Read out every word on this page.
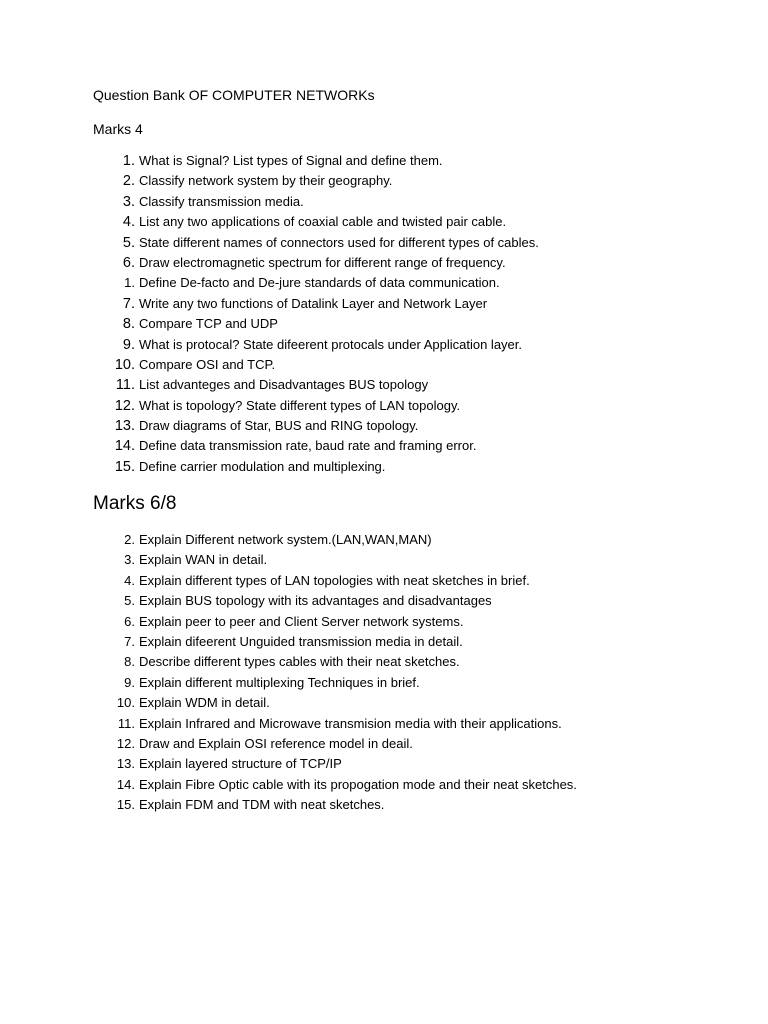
Question Bank OF COMPUTER NETWORKs
Marks 4
1. What is Signal? List types of Signal and define them.
2. Classify network system by their geography.
3. Classify transmission media.
4. List any two applications of coaxial cable and twisted pair cable.
5. State different names of connectors used for different types of cables.
6. Draw electromagnetic spectrum for different range of frequency.
1. Define De-facto and De-jure standards of data communication.
7. Write any two functions of Datalink Layer and Network Layer
8. Compare TCP and UDP
9. What is protocal? State difeerent protocals under Application layer.
10. Compare OSI and TCP.
11. List advanteges and Disadvantages BUS topology
12. What is topology? State different types of LAN topology.
13. Draw diagrams of Star, BUS and RING topology.
14. Define data transmission rate, baud rate and framing error.
15. Define carrier modulation and multiplexing.
Marks 6/8
2. Explain Different network system.(LAN,WAN,MAN)
3. Explain WAN in detail.
4. Explain different types of LAN topologies with neat sketches in brief.
5. Explain BUS topology with its advantages and disadvantages
6. Explain peer to peer and Client Server network systems.
7. Explain difeerent Unguided transmission media in detail.
8. Describe different types cables with their neat sketches.
9. Explain different multiplexing Techniques in brief.
10. Explain WDM in detail.
11. Explain Infrared and Microwave transmision media with their applications.
12. Draw and Explain OSI reference model in deail.
13. Explain layered structure of TCP/IP
14. Explain Fibre Optic cable with its propogation mode and their neat sketches.
15. Explain FDM and TDM with neat sketches.
